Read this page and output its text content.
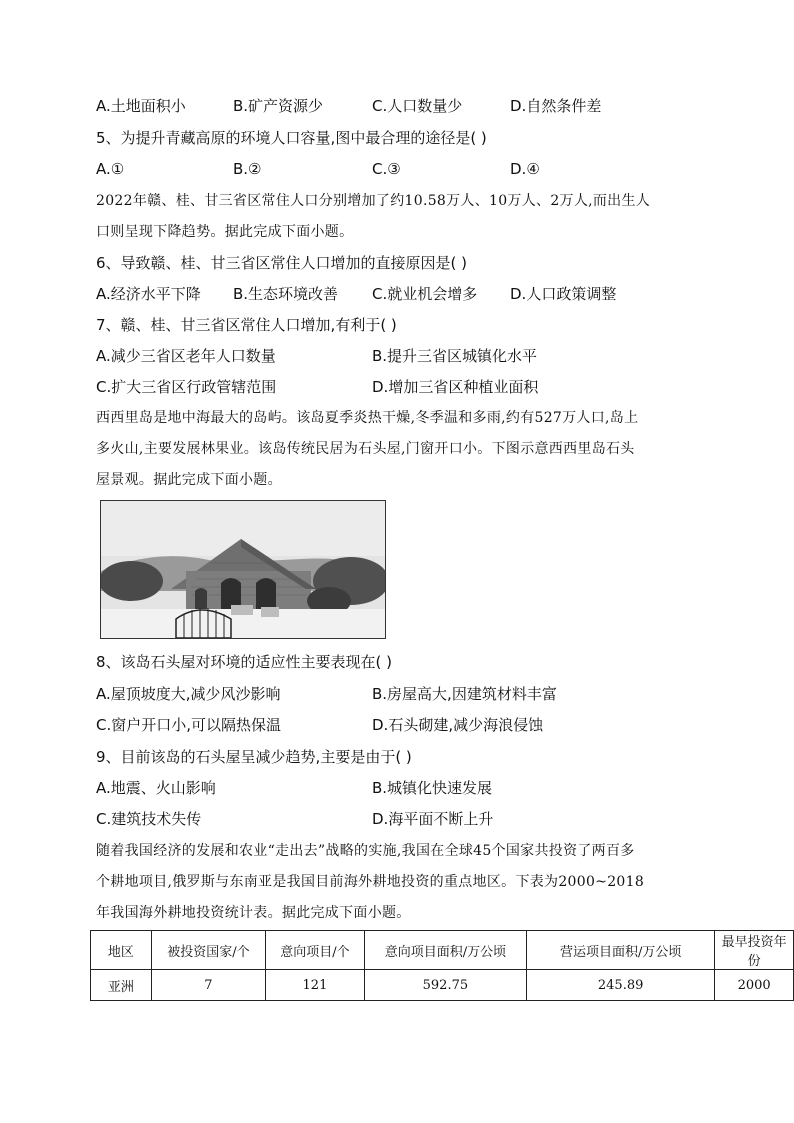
A.土地面积小	B.矿产资源少	C.人口数量少	D.自然条件差
5、为提升青藏高原的环境人口容量,图中最合理的途径是( )
A.①	B.②	C.③	D.④
2022年赣、桂、甘三省区常住人口分别增加了约10.58万人、10万人、2万人,而出生人
口则呈现下降趋势。据此完成下面小题。
6、导致赣、桂、甘三省区常住人口增加的直接原因是( )
A.经济水平下降 B.生态环境改善 C.就业机会增多 D.人口政策调整
7、赣、桂、甘三省区常住人口增加,有利于( )
A.减少三省区老年人口数量	B.提升三省区城镇化水平
C.扩大三省区行政管辖范围	D.增加三省区种植业面积
西西里岛是地中海最大的岛屿。该岛夏季炎热干燥,冬季温和多雨,约有527万人口,岛上
多火山,主要发展林果业。该岛传统民居为石头屋,门窗开口小。下图示意西西里岛石头
屋景观。据此完成下面小题。
8、该岛石头屋对环境的适应性主要表现在( )
A.屋顶坡度大,减少风沙影响	B.房屋高大,因建筑材料丰富
C.窗户开口小,可以隔热保温	D.石头砌建,减少海浪侵蚀
9、目前该岛的石头屋呈减少趋势,主要是由于( )
A.地震、火山影响	B.城镇化快速发展
C.建筑技术失传	D.海平面不断上升
随着我国经济的发展和农业“走出去”战略的实施,我国在全球45个国家共投资了两百多
个耕地项目,俄罗斯与东南亚是我国目前海外耕地投资的重点地区。下表为2000~2018
年我国海外耕地投资统计表。据此完成下面小题。
地区	被投资国家/个	意向项目/个	意向项目面积/万公顷	营运项目面积/万公顷	最早投资年份
亚洲	7	121	592.75	245.89	2000
